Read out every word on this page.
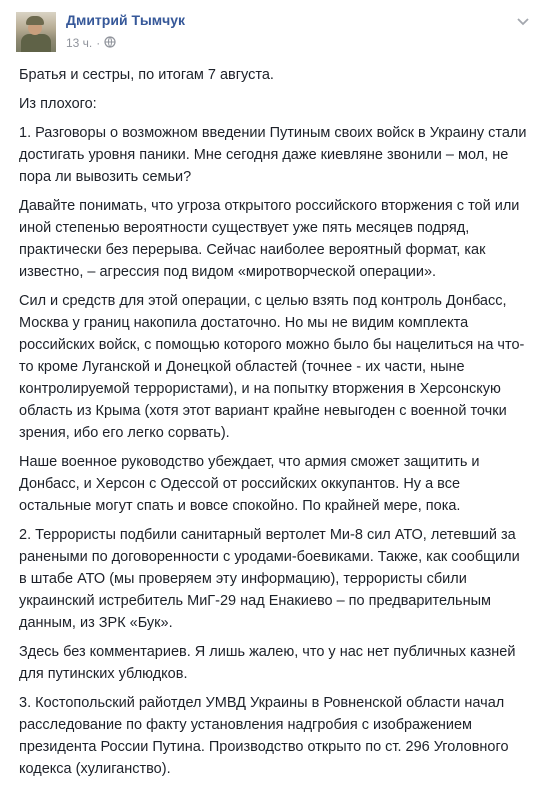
Дмитрий Тымчук
13 ч. ·

Братья и сестры, по итогам 7 августа.

Из плохого:

1. Разговоры о возможном введении Путиным своих войск в Украину стали достигать уровня паники. Мне сегодня даже киевляне звонили – мол, не пора ли вывозить семьи?

Давайте понимать, что угроза открытого российского вторжения с той или иной степенью вероятности существует уже пять месяцев подряд, практически без перерыва. Сейчас наиболее вероятный формат, как известно, – агрессия под видом «миротворческой операции».

Сил и средств для этой операции, с целью взять под контроль Донбасс, Москва у границ накопила достаточно. Но мы не видим комплекта российских войск, с помощью которого можно было бы нацелиться на что-то кроме Луганской и Донецкой областей (точнее - их части, ныне контролируемой террористами), и на попытку вторжения в Херсонскую область из Крыма (хотя этот вариант крайне невыгоден с военной точки зрения, ибо его легко сорвать).

Наше военное руководство убеждает, что армия сможет защитить и Донбасс, и Херсон с Одессой от российских оккупантов. Ну а все остальные могут спать и вовсе спокойно. По крайней мере, пока.

2. Террористы подбили санитарный вертолет Ми-8 сил АТО, летевший за ранеными по договоренности с уродами-боевиками. Также, как сообщили в штабе АТО (мы проверяем эту информацию), террористы сбили украинский истребитель МиГ-29 над Енакиево – по предварительным данным, из ЗРК «Бук».

Здесь без комментариев. Я лишь жалею, что у нас нет публичных казней для путинских ублюдков.

3. Костопольский райотдел УМВД Украины в Ровненской области начал расследование по факту установления надгробия с изображением президента России Путина. Производство открыто по ст. 296 Уголовного кодекса (хулиганство).
